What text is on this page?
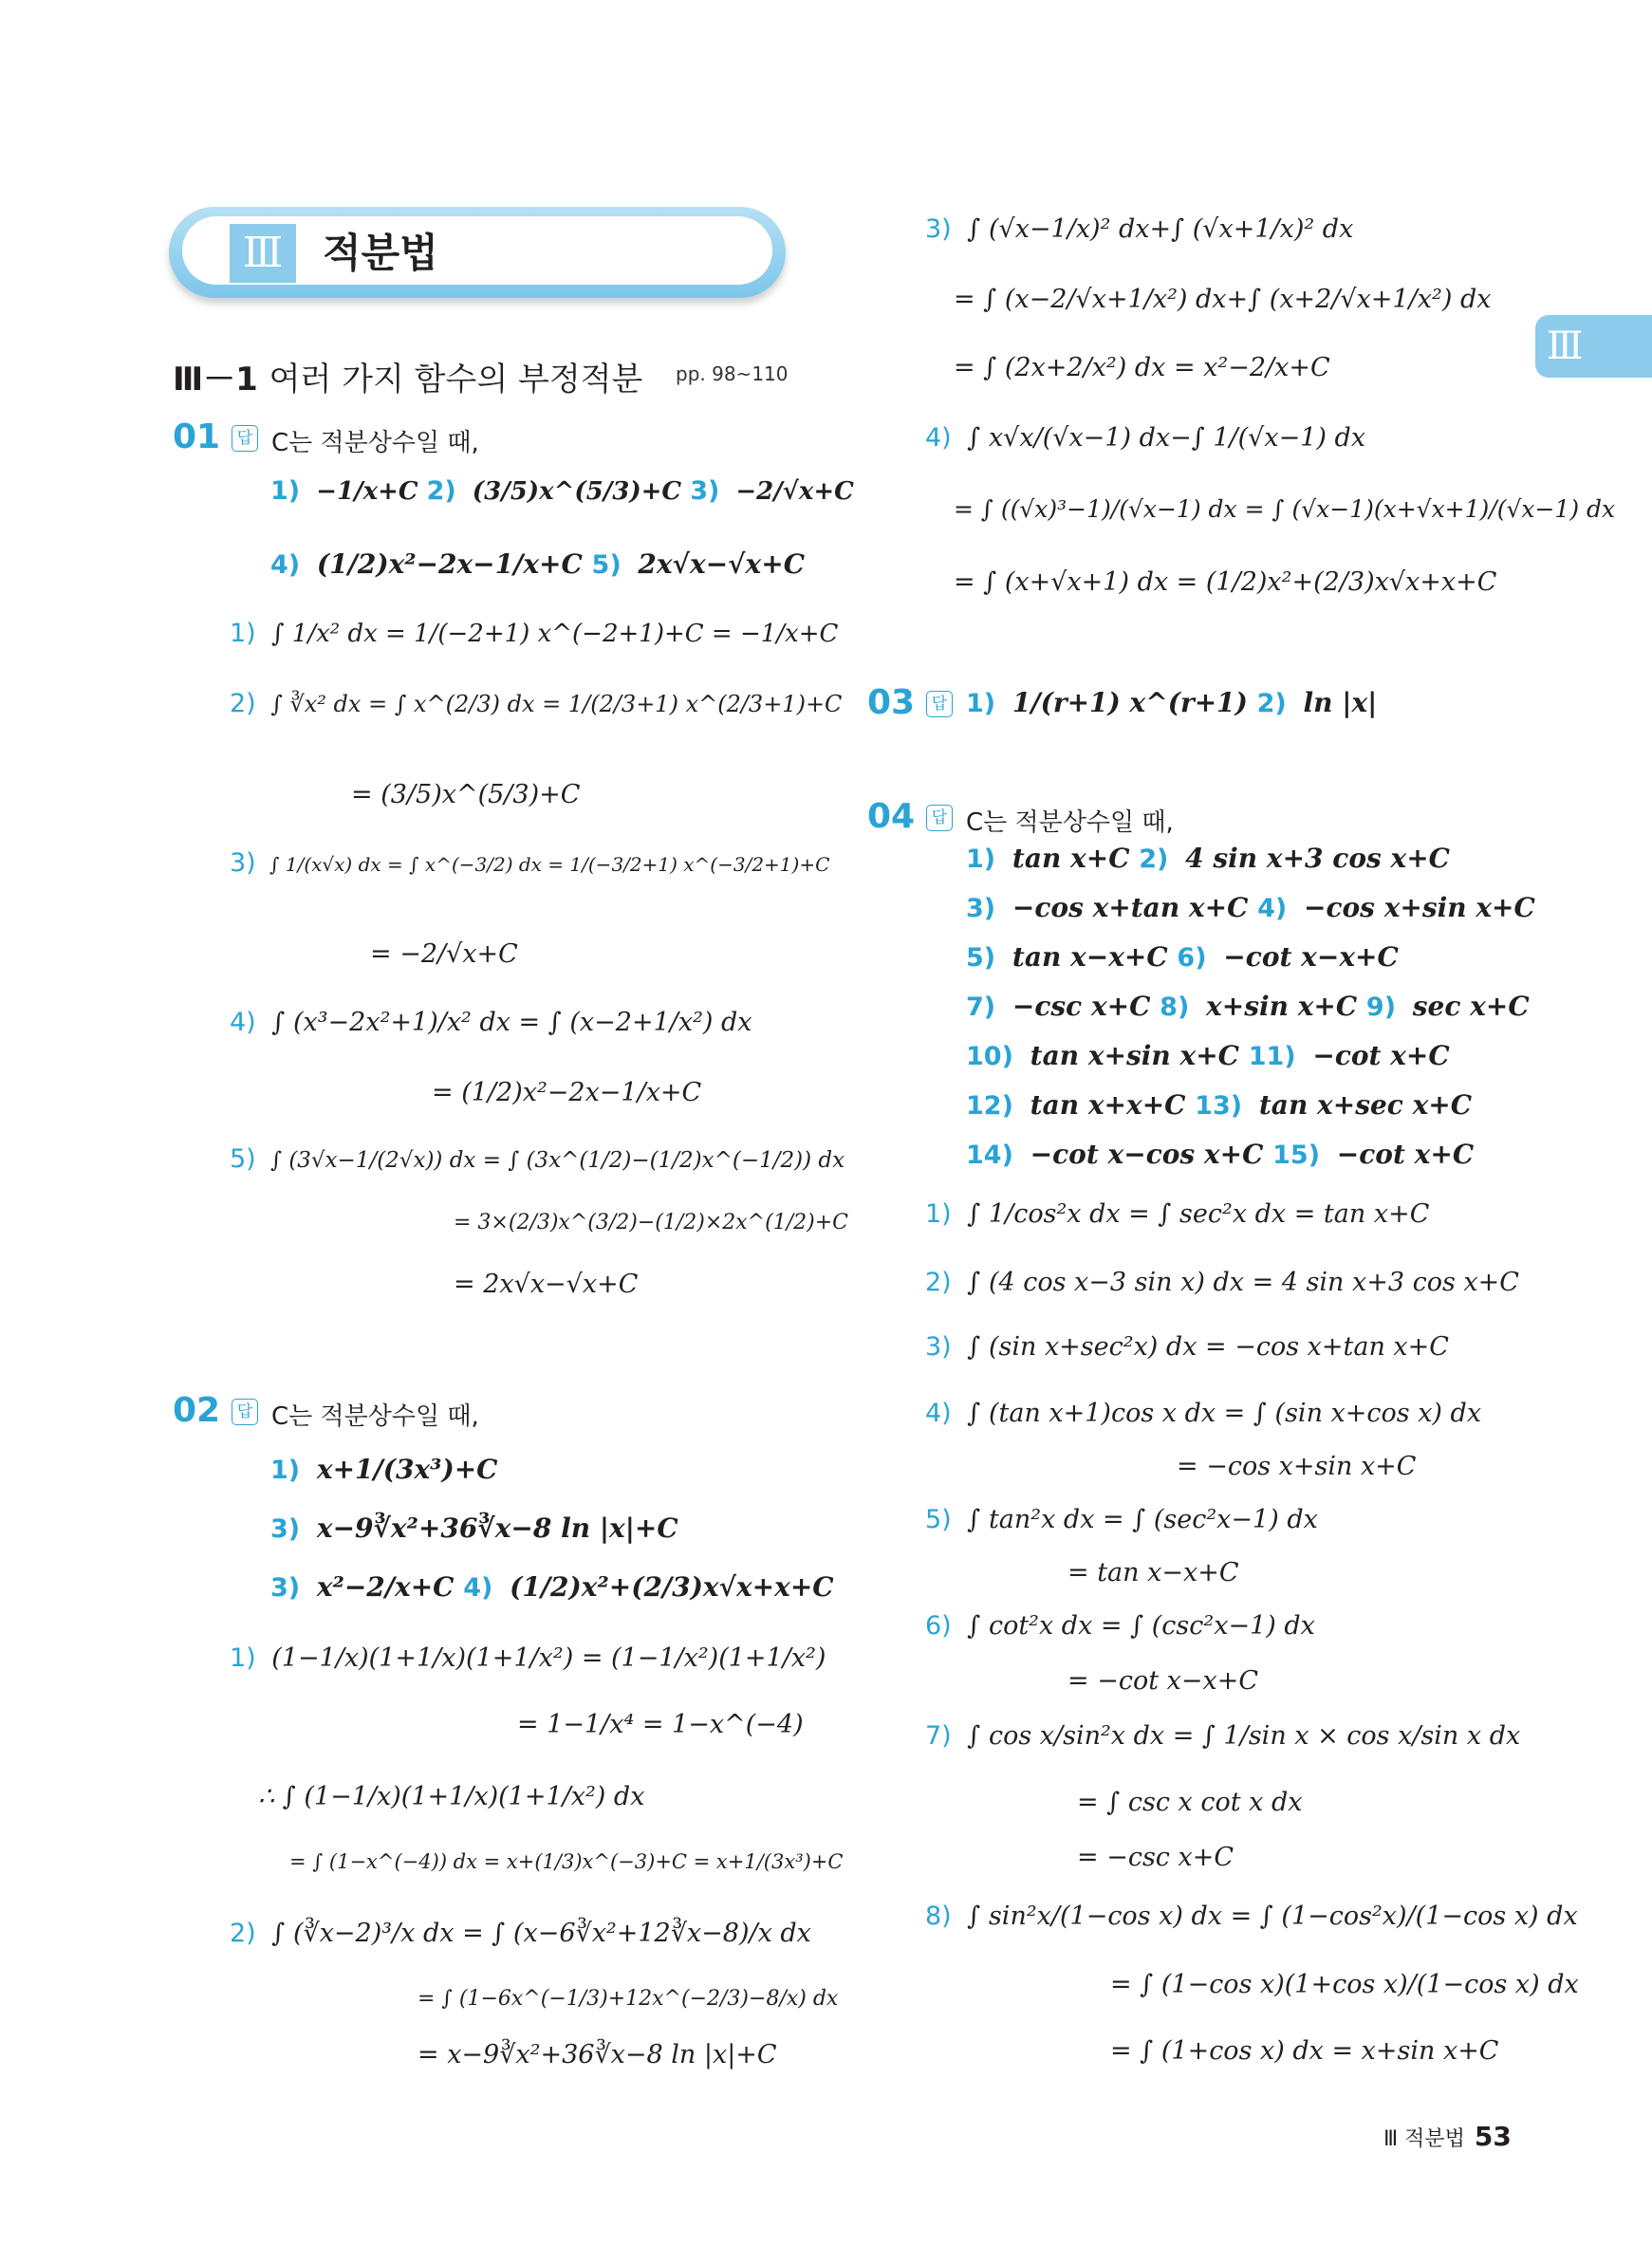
Ⅲ 적분법
Ⅲ
Ⅲ－1 여러 가지 함수의 부정적분 pp. 98~110
01	답 C는 적분상수일 때,
1) −1/x+C 2) (3/5)x^(5/3)+C 3) −2/√x+C
4) (1/2)x²−2x−1/x+C 5) 2x√x−√x+C
1) ∫ 1/x² dx = 1/(−2+1) x^(−2+1)+C = −1/x+C
2) ∫ ∛x² dx = ∫ x^(2/3) dx = 1/(2/3+1) x^(2/3+1)+C
= (3/5)x^(5/3)+C
3) ∫ 1/(x√x) dx = ∫ x^(−3/2) dx = 1/(−3/2+1) x^(−3/2+1)+C
= −2/√x+C
4) ∫ (x³−2x²+1)/x² dx = ∫ (x−2+1/x²) dx
= (1/2)x²−2x−1/x+C
5) ∫ (3√x−1/(2√x)) dx = ∫ (3x^(1/2)−(1/2)x^(−1/2)) dx
= 3×(2/3)x^(3/2)−(1/2)×2x^(1/2)+C
= 2x√x−√x+C
02	답 C는 적분상수일 때,
1) x+1/(3x³)+C
3) x−9∛x²+36∛x−8 ln |x|+C
3) x²−2/x+C 4) (1/2)x²+(2/3)x√x+x+C
1) (1−1/x)(1+1/x)(1+1/x²) = (1−1/x²)(1+1/x²)
= 1−1/x⁴ = 1−x^(−4)
∴ ∫ (1−1/x)(1+1/x)(1+1/x²) dx
= ∫ (1−x^(−4)) dx = x+(1/3)x^(−3)+C = x+1/(3x³)+C
2) ∫ (∛x−2)³/x dx = ∫ (x−6∛x²+12∛x−8)/x dx
= ∫ (1−6x^(−1/3)+12x^(−2/3)−8/x) dx
= x−9∛x²+36∛x−8 ln |x|+C
3) ∫ (√x−1/x)² dx+∫ (√x+1/x)² dx
= ∫ (x−2/√x+1/x²) dx+∫ (x+2/√x+1/x²) dx
= ∫ (2x+2/x²) dx = x²−2/x+C
4) ∫ x√x/(√x−1) dx−∫ 1/(√x−1) dx
= ∫ ((√x)³−1)/(√x−1) dx = ∫ (√x−1)(x+√x+1)/(√x−1) dx
= ∫ (x+√x+1) dx = (1/2)x²+(2/3)x√x+x+C
03	답 1) 1/(r+1) x^(r+1) 2) ln |x|
04	답 C는 적분상수일 때,
1) tan x+C 2) 4 sin x+3 cos x+C
3) −cos x+tan x+C 4) −cos x+sin x+C
5) tan x−x+C 6) −cot x−x+C
7) −csc x+C 8) x+sin x+C 9) sec x+C
10) tan x+sin x+C 11) −cot x+C
12) tan x+x+C 13) tan x+sec x+C
14) −cot x−cos x+C 15) −cot x+C
1) ∫ 1/cos²x dx = ∫ sec²x dx = tan x+C
2) ∫ (4 cos x−3 sin x) dx = 4 sin x+3 cos x+C
3) ∫ (sin x+sec²x) dx = −cos x+tan x+C
4) ∫ (tan x+1)cos x dx = ∫ (sin x+cos x) dx
= −cos x+sin x+C
5) ∫ tan²x dx = ∫ (sec²x−1) dx
= tan x−x+C
6) ∫ cot²x dx = ∫ (csc²x−1) dx
= −cot x−x+C
7) ∫ cos x/sin²x dx = ∫ 1/sin x × cos x/sin x dx
= ∫ csc x cot x dx
= −csc x+C
8) ∫ sin²x/(1−cos x) dx = ∫ (1−cos²x)/(1−cos x) dx
= ∫ (1−cos x)(1+cos x)/(1−cos x) dx
= ∫ (1+cos x) dx = x+sin x+C
Ⅲ 적분법 53
